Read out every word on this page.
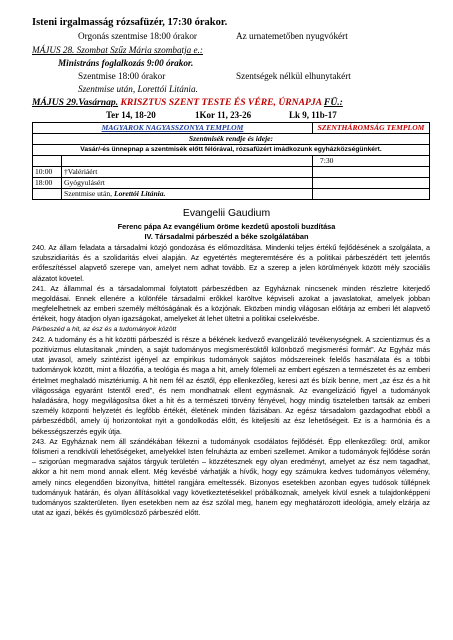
Isteni irgalmasság rózsafüzér, 17:30 órakor.
Orgonás szentmise 18:00 órakor	Az urnatemetőben nyugvókért
MÁJUS 28. Szombat Szűz Mária szombatja e.:
Ministráns foglalkozás 9:00 órakor.
Szentmise 18:00 órakor	Szentségek nélkül elhunytakért
Szentmise után, Lorettói Litánia.
MÁJUS 29.Vasárnap. KRISZTUS SZENT TESTE ÉS VÉRE, ÚRNAPJA FÜ.:
Ter 14, 18-20	1Kor 11, 23-26	Lk 9, 11b-17
MAGYAROK NAGYASSZONYA TEMPLOM		SZENTHÁROMSÁG TEMPLOM
Szentmisék rendje és ideje:		
Vasár/-és ünnepnap a szentmisék előtt félórával, rózsafüzért imádkozunk egyházközségünkért.		
		7:30
10:00	†Valériáért	
18:00	Gyógyulásért	
	Szentmise után, Lorettói Litánia.	
Evangelii Gaudium
Ferenc pápa Az evangélium öröme kezdetű apostoli buzdítása
IV. Társadalmi párbeszéd a béke szolgálatában

240. Az állam feladata a társadalmi közjó gondozása és előmozdítása. Mindenki teljes értékű fejlődésének a szolgálata, a szubszidiaritás és a szolidaritás elvei alapján. Az egyetértés megteremtésére és a politikai párbeszédért tett jelentős erőfeszítéssel alapvető szerepe van, amelyet nem adhat tovább. Ez a szerep a jelen körülmények között mély szociális alázatot követel.

241. Az állammal és a társadalommal folytatott párbeszédben az Egyháznak nincsenek minden részletre kiterjedő megoldásai. Ennek ellenére a különféle társadalmi erőkkel karöltve képviseli azokat a javaslatokat, amelyek jobban megfelelhetnek az emberi személy méltóságának és a közjónak. Eközben mindig világosan előtárja az emberi lét alapvető értékeit, hogy átadjon olyan igazságokat, amelyeket át lehet ültetni a politikai cselekvésbe.

Párbeszéd a hit, az ész és a tudományok között

242. A tudomány és a hit közötti párbeszéd is része a békének kedvező evangelizáló tevékenységnek. A szcientizmus és a pozitivizmus elutasítanak „minden, a saját tudományos megismerésüktől különböző megismerési formát”. Az Egyház más utat javasol, amely szintézist igényel az empirikus tudományok sajátos módszereinek felelős használata és a többi tudományok között, mint a filozófia, a teológia és maga a hit, amely fölemeli az embert egészen a természetet és az emberi értelmet meghaladó misztériumig. A hit nem fél az észtől, épp ellenkezőleg, keresi azt és bízik benne, mert „az ész és a hit világossága egyaránt Istentől ered”, és nem mondhatnak ellent egymásnak. Az evangelizáció figyel a tudományok haladására, hogy megvilágosítsa őket a hit és a természeti törvény fényével, hogy mindig tiszteletben tartsák az emberi személy központi helyzetét és legfőbb értékét, életének minden fázisában. Az egész társadalom gazdagodhat ebből a párbeszédből, amely új horizontokat nyit a gondolkodás előtt, és kiteljesíti az ész lehetőségeit. Ez is a harmónia és a békességszerzés egyik útja.

243. Az Egyháznak nem áll szándékában fékezni a tudományok csodálatos fejlődését. Épp ellenkezőleg: örül, amikor fölismeri a rendkívüli lehetőségeket, amelyekkel Isten felruházta az emberi szellemet. Amikor a tudományok fejlődése során – szigorúan megmaradva sajátos tárgyuk területén – közzétesznek egy olyan eredményt, amelyet az ész nem tagadhat, akkor a hit nem mond annak ellent. Még kevésbé várhatják a hívők, hogy egy számukra kedves tudományos vélemény, amely nincs elegendően bizonyítva, hittétel rangjára emeltessék. Bizonyos esetekben azonban egyes tudósok túllépnek tudományuk határán, és olyan állításokkal vagy következtetésekkel próbálkoznak, amelyek kívül esnek a tulajdonképpeni tudományos szakterületen. Ilyen esetekben nem az ész szólal meg, hanem egy meghatározott ideológia, amely elzárja az utat az igazi, békés és gyümölcsöző párbeszéd előtt.
